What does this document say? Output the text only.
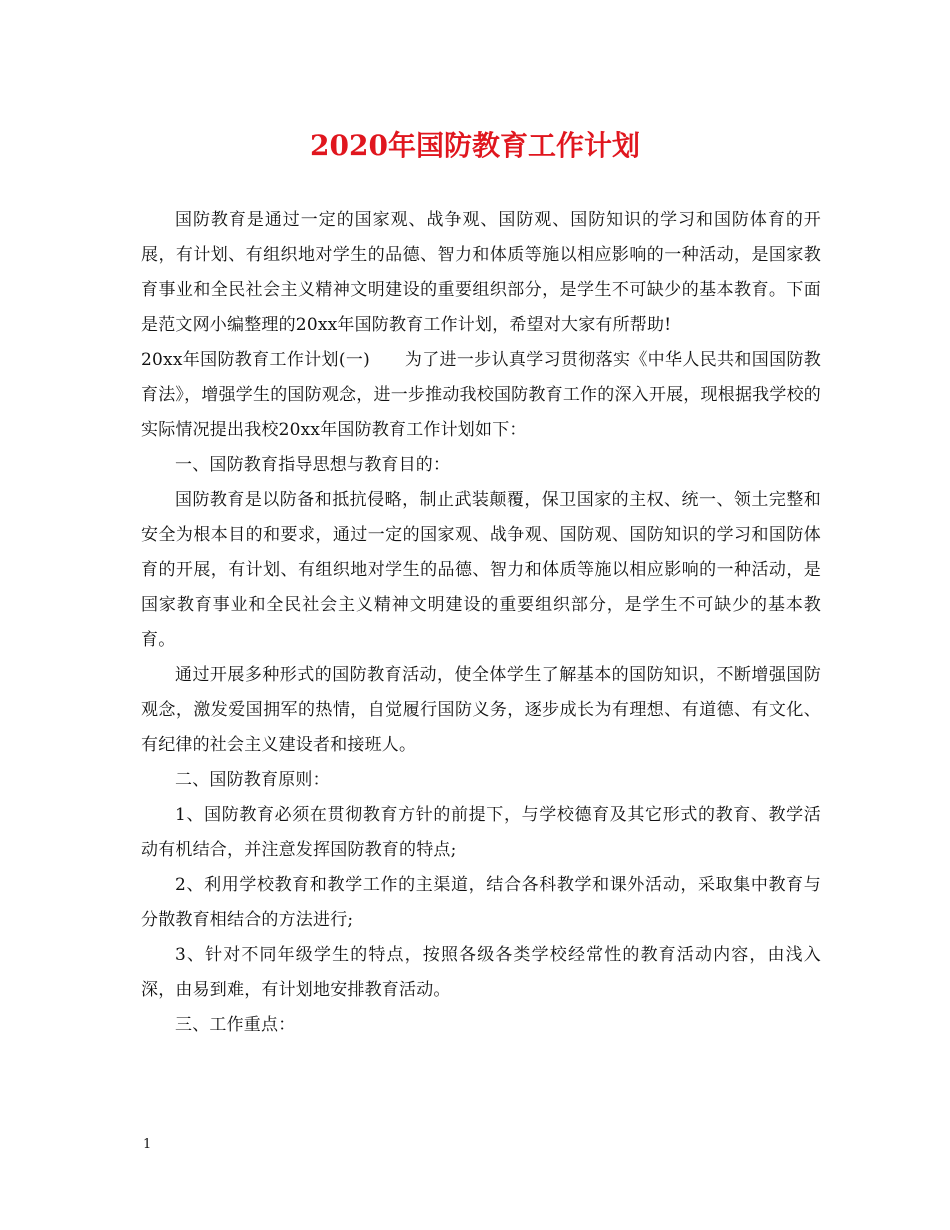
2020年国防教育工作计划

国防教育是通过一定的国家观、战争观、国防观、国防知识的学习和国防体育的开展，有计划、有组织地对学生的品德、智力和体质等施以相应影响的一种活动，是国家教育事业和全民社会主义精神文明建设的重要组织部分，是学生不可缺少的基本教育。下面是范文网小编整理的20xx年国防教育工作计划，希望对大家有所帮助!

20xx年国防教育工作计划(一)　　为了进一步认真学习贯彻落实《中华人民共和国国防教育法》，增强学生的国防观念，进一步推动我校国防教育工作的深入开展，现根据我学校的实际情况提出我校20xx年国防教育工作计划如下：

一、国防教育指导思想与教育目的：

国防教育是以防备和抵抗侵略，制止武装颠覆，保卫国家的主权、统一、领土完整和安全为根本目的和要求，通过一定的国家观、战争观、国防观、国防知识的学习和国防体育的开展，有计划、有组织地对学生的品德、智力和体质等施以相应影响的一种活动，是国家教育事业和全民社会主义精神文明建设的重要组织部分，是学生不可缺少的基本教育。

通过开展多种形式的国防教育活动，使全体学生了解基本的国防知识，不断增强国防观念，激发爱国拥军的热情，自觉履行国防义务，逐步成长为有理想、有道德、有文化、有纪律的社会主义建设者和接班人。

二、国防教育原则：

1、国防教育必须在贯彻教育方针的前提下，与学校德育及其它形式的教育、教学活动有机结合，并注意发挥国防教育的特点;

2、利用学校教育和教学工作的主渠道，结合各科教学和课外活动，采取集中教育与分散教育相结合的方法进行;

3、针对不同年级学生的特点，按照各级各类学校经常性的教育活动内容，由浅入深，由易到难，有计划地安排教育活动。

三、工作重点：

1
